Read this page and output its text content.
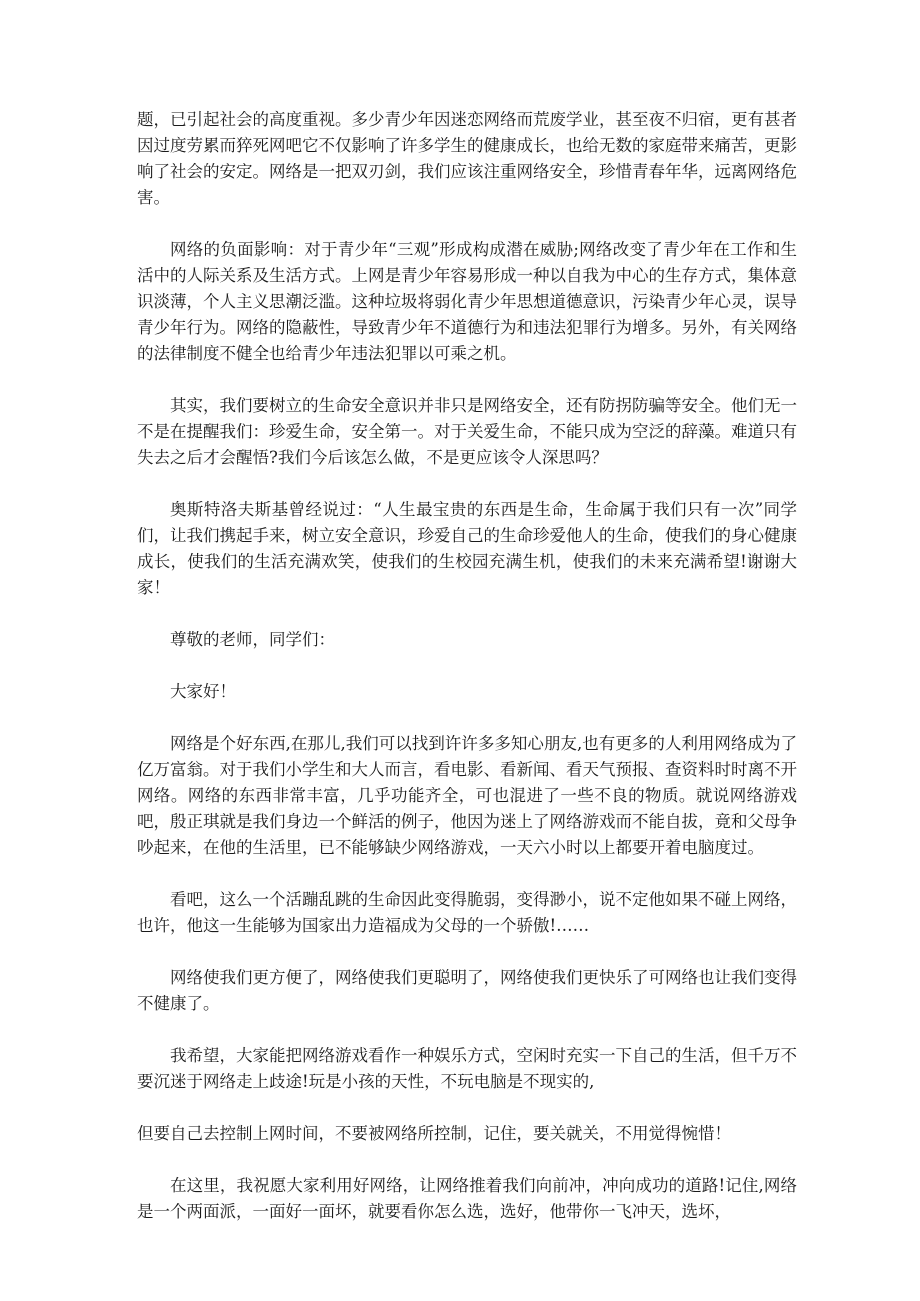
题，已引起社会的高度重视。多少青少年因迷恋网络而荒废学业，甚至夜不归宿，更有甚者因过度劳累而猝死网吧它不仅影响了许多学生的健康成长，也给无数的家庭带来痛苦，更影响了社会的安定。网络是一把双刃剑，我们应该注重网络安全，珍惜青春年华，远离网络危害。

网络的负面影响：对于青少年“三观”形成构成潜在威胁;网络改变了青少年在工作和生活中的人际关系及生活方式。上网是青少年容易形成一种以自我为中心的生存方式，集体意识淡薄，个人主义思潮泛滥。这种垃圾将弱化青少年思想道德意识，污染青少年心灵，误导青少年行为。网络的隐蔽性，导致青少年不道德行为和违法犯罪行为增多。另外，有关网络的法律制度不健全也给青少年违法犯罪以可乘之机。

其实，我们要树立的生命安全意识并非只是网络安全，还有防拐防骗等安全。他们无一不是在提醒我们：珍爱生命，安全第一。对于关爱生命，不能只成为空泛的辞藻。难道只有失去之后才会醒悟?我们今后该怎么做，不是更应该令人深思吗？

奥斯特洛夫斯基曾经说过：“人生最宝贵的东西是生命，生命属于我们只有一次”同学们，让我们携起手来，树立安全意识，珍爱自己的生命珍爱他人的生命，使我们的身心健康成长，使我们的生活充满欢笑，使我们的生校园充满生机，使我们的未来充满希望!谢谢大家！

尊敬的老师，同学们：

大家好！

网络是个好东西,在那儿,我们可以找到许许多多知心朋友,也有更多的人利用网络成为了亿万富翁。对于我们小学生和大人而言，看电影、看新闻、看天气预报、查资料时时离不开网络。网络的东西非常丰富，几乎功能齐全，可也混进了一些不良的物质。就说网络游戏吧，殷正琪就是我们身边一个鲜活的例子，他因为迷上了网络游戏而不能自拔，竟和父母争吵起来，在他的生活里，已不能够缺少网络游戏，一天六小时以上都要开着电脑度过。

看吧，这么一个活蹦乱跳的生命因此变得脆弱，变得渺小，说不定他如果不碰上网络，也许，他这一生能够为国家出力造福成为父母的一个骄傲!……

网络使我们更方便了，网络使我们更聪明了，网络使我们更快乐了可网络也让我们变得不健康了。

我希望，大家能把网络游戏看作一种娱乐方式，空闲时充实一下自己的生活，但千万不要沉迷于网络走上歧途!玩是小孩的天性，不玩电脑是不现实的,

但要自己去控制上网时间，不要被网络所控制，记住，要关就关，不用觉得惋惜！

在这里，我祝愿大家利用好网络，让网络推着我们向前冲，冲向成功的道路!记住,网络是一个两面派，一面好一面坏，就要看你怎么选，选好，他带你一飞冲天，选坏，
